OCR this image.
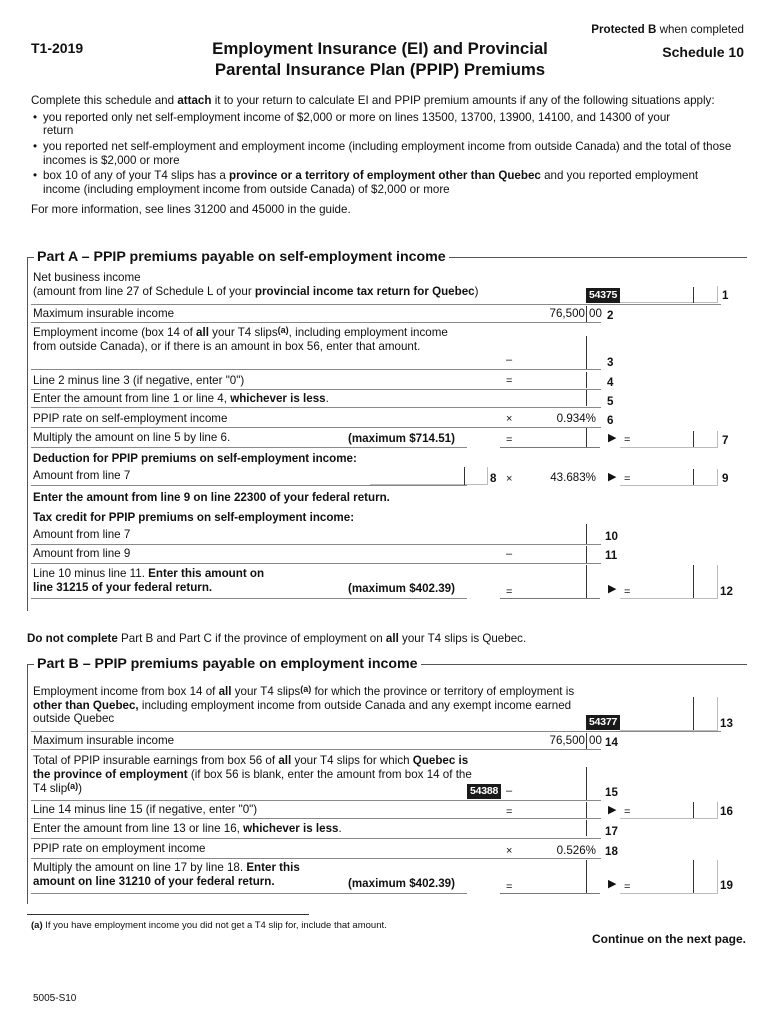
T1-2019	Employment Insurance (EI) and Provincial
Parental Insurance Plan (PPIP) Premiums
Protected B when completed
Schedule 10
Complete this schedule and attach it to your return to calculate EI and PPIP premium amounts if any of the following situations apply:
• you reported only net self-employment income of $2,000 or more on lines 13500, 13700, 13900, 14100, and 14300 of your return
• you reported net self-employment and employment income (including employment income from outside Canada) and the total of those incomes is $2,000 or more
• box 10 of any of your T4 slips has a province or a territory of employment other than Quebec and you reported employment income (including employment income from outside Canada) of $2,000 or more
For more information, see lines 31200 and 45000 in the guide.
Part A – PPIP premiums payable on self-employment income
Net business income
(amount from line 27 of Schedule L of your provincial income tax return for Quebec)	54375	1
Maximum insurable income	76,500 00 2
Employment income (box 14 of all your T4 slips$^{(a)}$, including employment income from outside Canada), or if there is an amount in box 56, enter that amount.
–	3
Line 2 minus line 3 (if negative, enter "0")	=	4
Enter the amount from line 1 or line 4, whichever is less.	5
PPIP rate on self-employment income	×	0.934% 6
Multiply the amount on line 5 by line 6.	(maximum $714.51)	=	▶ =	7
Deduction for PPIP premiums on self-employment income:
Amount from line 7	8 ×	43.683% ▶ =	9
Enter the amount from line 9 on line 22300 of your federal return.
Tax credit for PPIP premiums on self-employment income:
Amount from line 7	10
Amount from line 9	–	11
Line 10 minus line 11. Enter this amount on
line 31215 of your federal return.	(maximum $402.39)	=	▶ =	12
Do not complete Part B and Part C if the province of employment on all your T4 slips is Quebec.
Part B – PPIP premiums payable on employment income
Employment income from box 14 of all your T4 slips$^{(a)}$ for which the province or territory of employment is other than Quebec, including employment income from outside Canada and any exempt income earned outside Quebec	54377	13
Maximum insurable income	76,500 00 14
Total of PPIP insurable earnings from box 56 of all your T4 slips for which Quebec is the province of employment (if box 56 is blank, enter the amount from box 14 of the T4 slip$^{(a)}$)	54388 –	15
Line 14 minus line 15 (if negative, enter "0")	=	▶ =	16
Enter the amount from line 13 or line 16, whichever is less.	17
PPIP rate on employment income	×	0.526% 18
Multiply the amount on line 17 by line 18. Enter this
amount on line 31210 of your federal return.	(maximum $402.39)	=	▶ =	19
(a) If you have employment income you did not get a T4 slip for, include that amount.
Continue on the next page.
5005-S10
